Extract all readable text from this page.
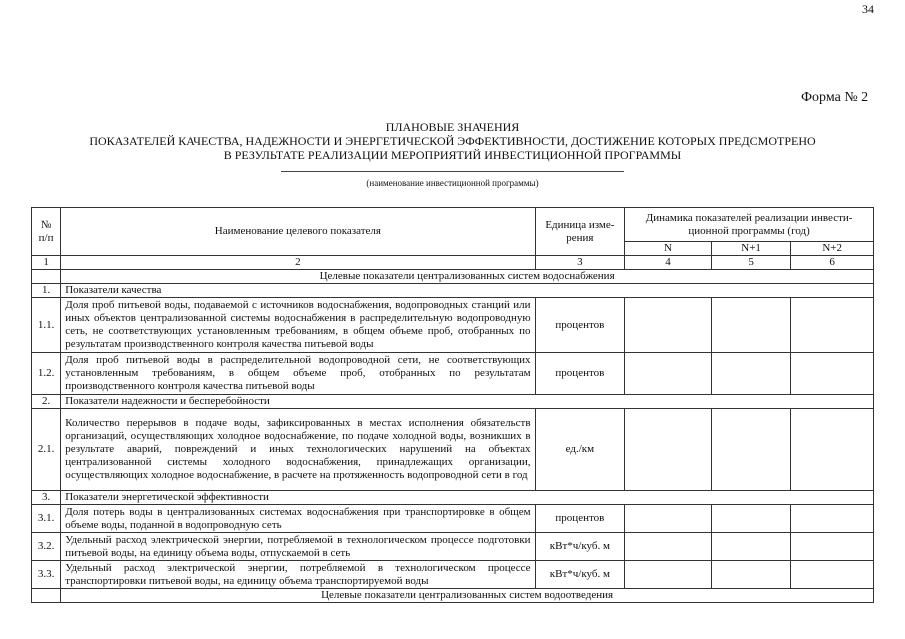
34
Форма № 2
ПЛАНОВЫЕ ЗНАЧЕНИЯ
ПОКАЗАТЕЛЕЙ КАЧЕСТВА, НАДЕЖНОСТИ И ЭНЕРГЕТИЧЕСКОЙ ЭФФЕКТИВНОСТИ, ДОСТИЖЕНИЕ КОТОРЫХ ПРЕДСМОТРЕНО
В РЕЗУЛЬТАТЕ РЕАЛИЗАЦИИ МЕРОПРИЯТИЙ ИНВЕСТИЦИОННОЙ ПРОГРАММЫ
(наименование инвестиционной программы)
№ п/п	Наименование целевого показателя	Единица изме-рения	Динамика показателей реализации инвести-ционной программы (год)		
			N	N+1	N+2
1	2	3	4	5	6
	Целевые показатели централизованных систем водоснабжения				
1.	Показатели качества				
1.1.	Доля проб питьевой воды, подаваемой с источников водоснабжения, водопроводных станций или иных объектов централизованной системы водоснабжения в распределительную водопроводную сеть, не соответствующих установленным требованиям, в общем объеме проб, отобранных по результатам производственного контроля качества питьевой воды	процентов			
1.2.	Доля проб питьевой воды в распределительной водопроводной сети, не соответствующих установленным требованиям, в общем объеме проб, отобранных по результатам производственного контроля качества питьевой воды	процентов			
2.	Показатели надежности и бесперебойности				
2.1.	Количество перерывов в подаче воды, зафиксированных в местах исполнения обязательств организаций, осуществляющих холодное водоснабжение, по подаче холодной воды, возникших в результате аварий, повреждений и иных технологических нарушений на объектах централизованной системы холодного водоснабжения, принадлежащих организации, осуществляющих холодное водоснабжение, в расчете на протяженность водопроводной сети в год	ед./км			
3.	Показатели энергетической эффективности				
3.1.	Доля потерь воды в централизованных системах водоснабжения при транспортировке в общем объеме воды, поданной в водопроводную сеть	процентов			
3.2.	Удельный расход электрической энергии, потребляемой в технологическом процессе подготовки питьевой воды, на единицу объема воды, отпускаемой в сеть	кВт*ч/куб. м			
3.3.	Удельный расход электрической энергии, потребляемой в технологическом процессе транспортировки питьевой воды, на единицу объема транспортируемой воды	кВт*ч/куб. м			
	Целевые показатели централизованных систем водоотведения				
